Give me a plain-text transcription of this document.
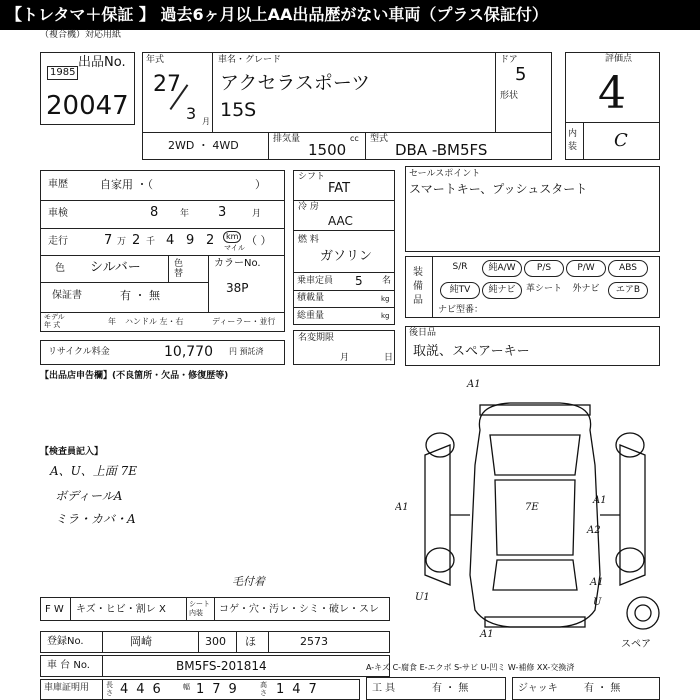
【トレタマ＋保証 】 過去6ヶ月以上AA出品歴がない車両（プラス保証付）
（複合機）対応用紙
出品No.
1985
20047
年式
27
3 月
車名・グレード
アクセラスポーツ
15S
ドア
5
形状
2WD ・ 4WD	排気量	cc
1500
型式
DBA -BM5FS
評価点
4
内装 C
車歴	自家用 ・（	）
車検	8 年 3	月
走行	7 万 2 千 4 9 2	km
マイル
（ ）
色 シルバー	色替
カラーNo.
38P
保証書	有 ・ 無
モデル
年 式	年 ハンドル 左・右	ディーラー・並行
リサイクル料金	10,770 円 預託済
シフト
FAT
冷 房
AAC
燃 料
ガソリン
乗車定員 5 名
積載量	kg
総重量	kg
名変期限
月	日
セールスポイント
スマートキー、プッシュスタート
装備品
ナビ型番：
後日品
取説、スペアーキー
【出品店申告欄】(不良箇所・欠品・修復歴等)
【検査員記入】
A、U、上面 7E
ボディールA
ミラ・カバ・A
A1
A1	7E
A1
A2
U1
A1
A1
U
スペア
F W キズ・ヒビ・割レ X	シート内装	コゲ・穴・汚レ・シミ・破レ・スレ
毛付着
登録No.	岡崎	300 ほ	2573
車 台 No.	BM5FS-201814
車庫証明用 長さ 446 幅 179 高さ 147
A-キズ C-腐食 E-エクボ S-サビ U-凹ミ W-補修 XX-交換済
工 具	有 ・ 無	ジャッキ	有 ・ 無
S/R	純A/W	P/S	P/W	ABS
純TV	純ナビ	革シート	外ナビ	エアB
